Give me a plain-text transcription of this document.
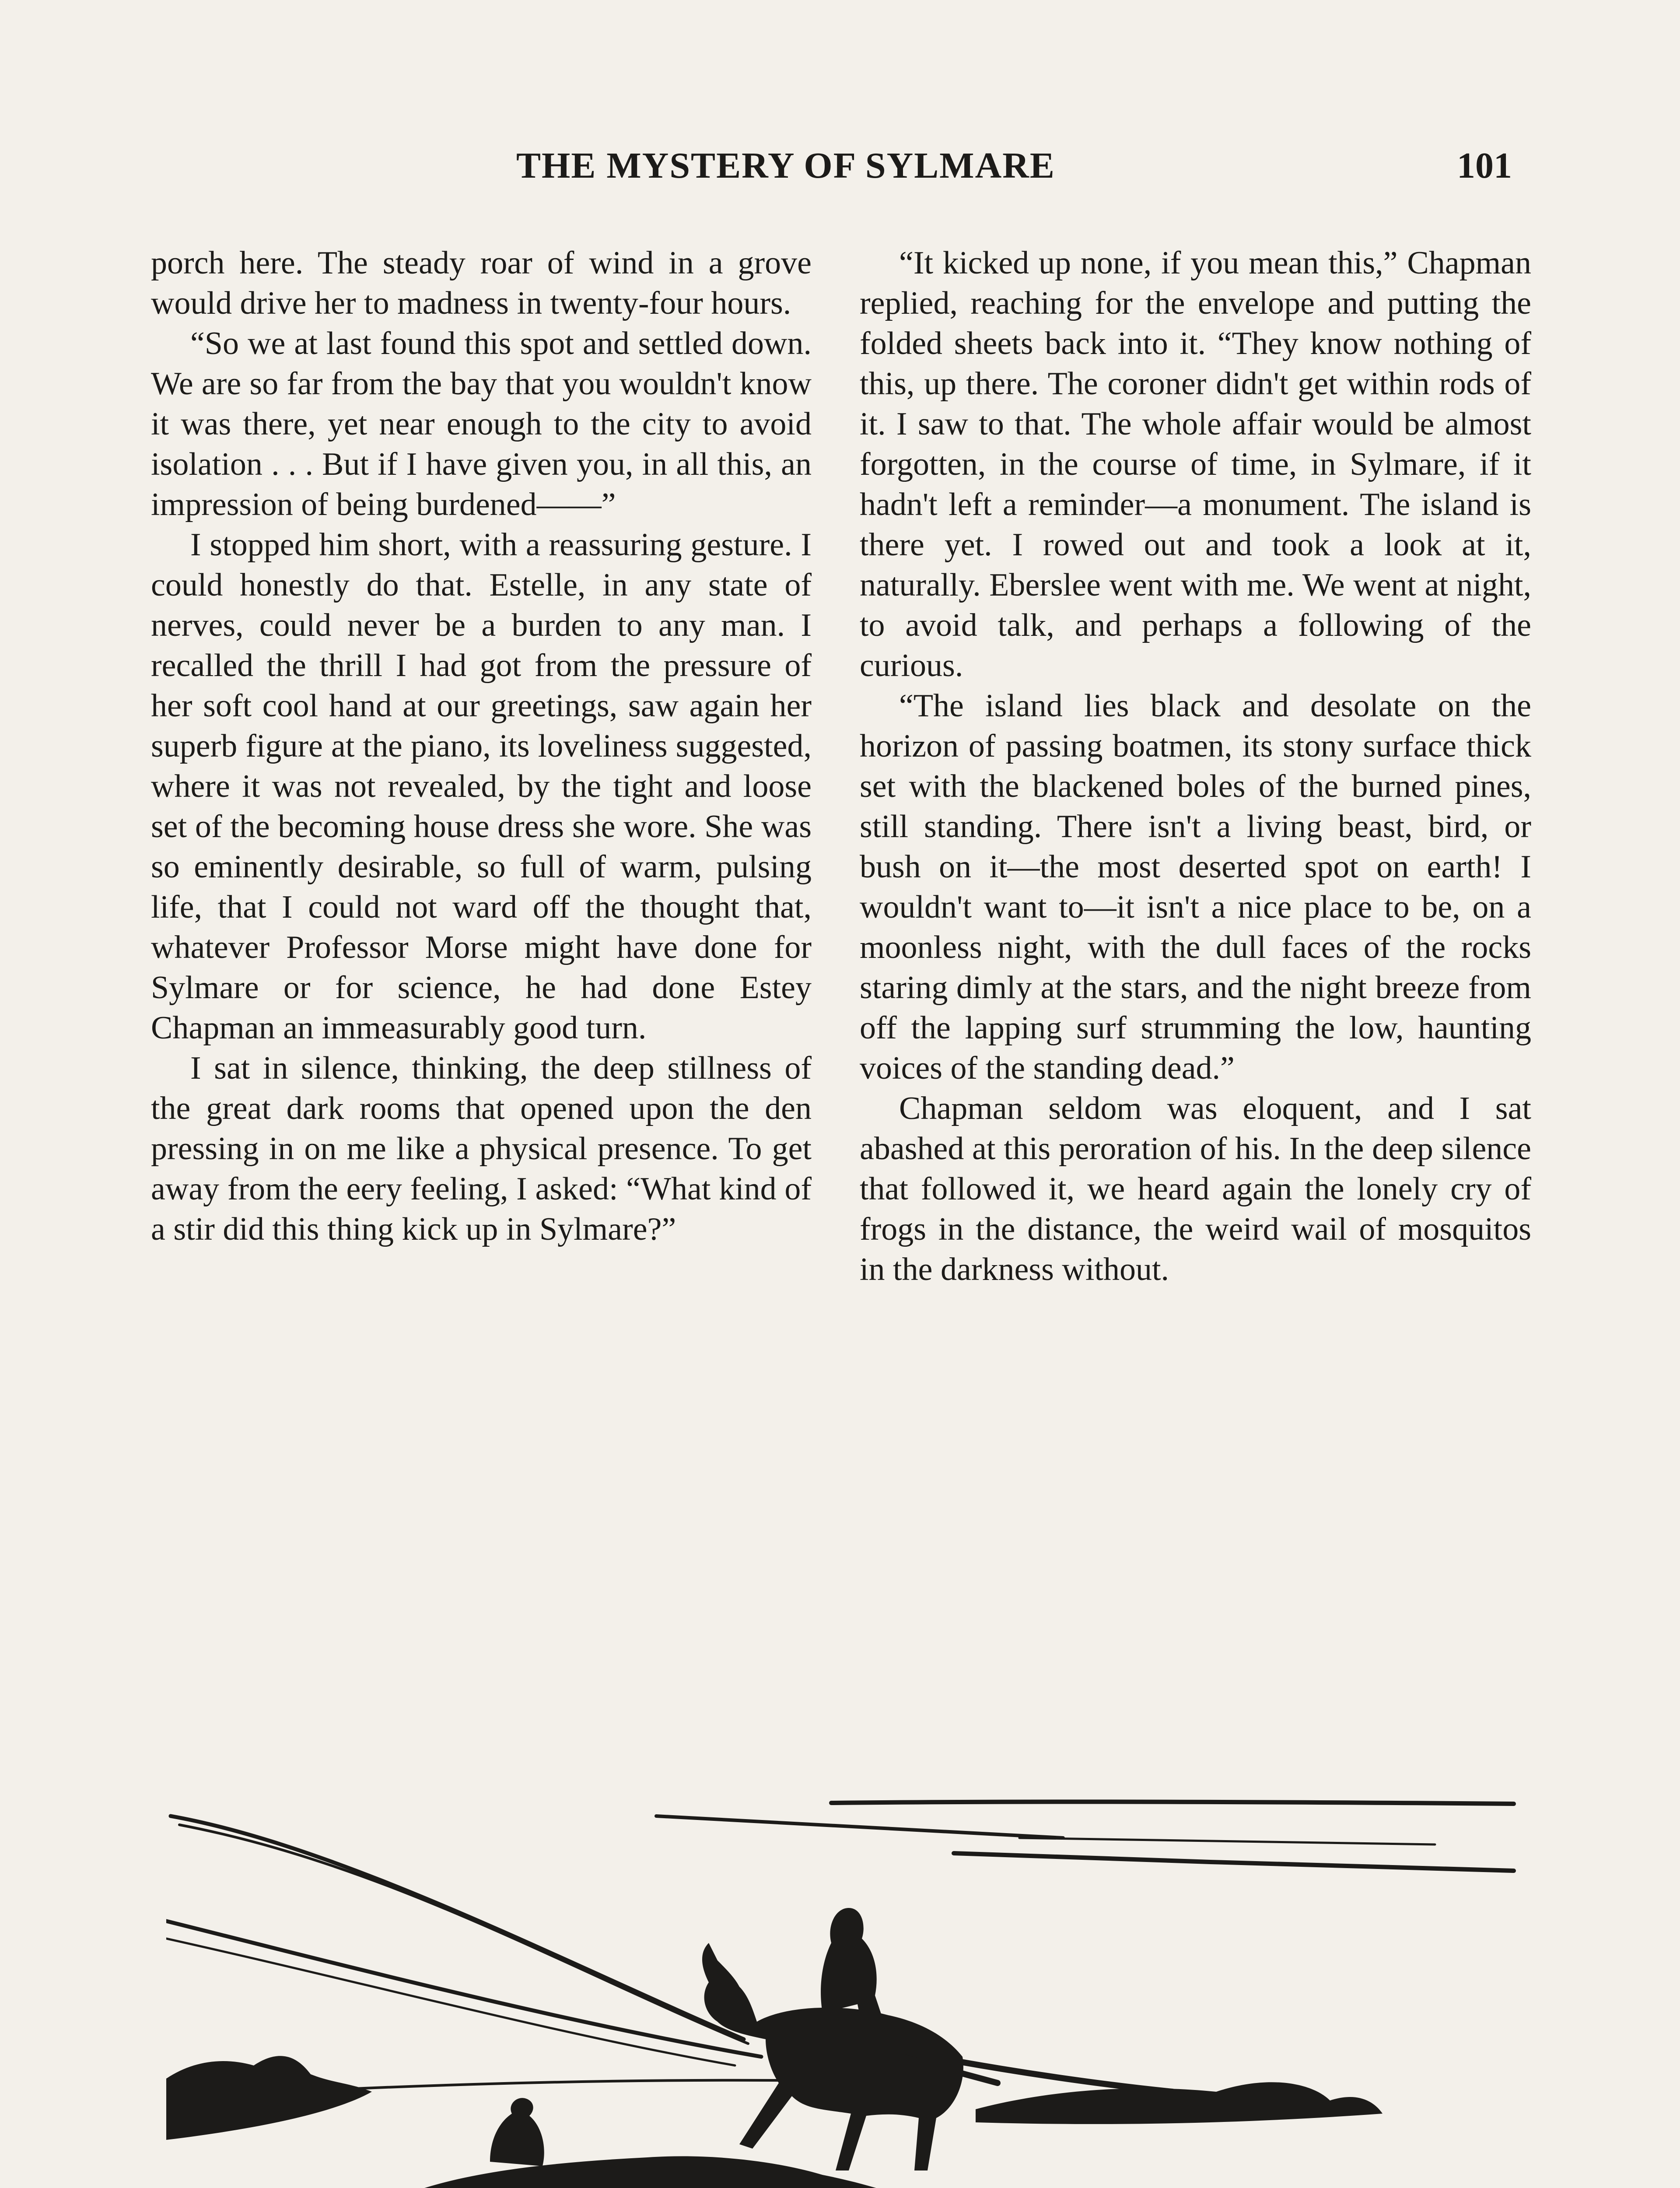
THE MYSTERY OF SYLMARE	101

porch here. The steady roar of wind in a grove would drive her to madness in twenty-four hours.

“So we at last found this spot and settled down. We are so far from the bay that you wouldn't know it was there, yet near enough to the city to avoid isolation . . . But if I have given you, in all this, an impression of being burdened——”

I stopped him short, with a reassuring gesture. I could honestly do that. Estelle, in any state of nerves, could never be a burden to any man. I recalled the thrill I had got from the pressure of her soft cool hand at our greetings, saw again her superb figure at the piano, its loveliness suggested, where it was not revealed, by the tight and loose set of the becoming house dress she wore. She was so eminently desirable, so full of warm, pulsing life, that I could not ward off the thought that, whatever Professor Morse might have done for Sylmare or for science, he had done Estey Chapman an immeasurably good turn.

I sat in silence, thinking, the deep stillness of the great dark rooms that opened upon the den pressing in on me like a physical presence. To get away from the eery feeling, I asked: “What kind of a stir did this thing kick up in Sylmare?”

“It kicked up none, if you mean this,” Chapman replied, reaching for the envelope and putting the folded sheets back into it. “They know nothing of this, up there. The coroner didn't get within rods of it. I saw to that. The whole affair would be almost forgotten, in the course of time, in Sylmare, if it hadn't left a reminder—a monument. The island is there yet. I rowed out and took a look at it, naturally. Eberslee went with me. We went at night, to avoid talk, and perhaps a following of the curious.

“The island lies black and desolate on the horizon of passing boatmen, its stony surface thick set with the blackened boles of the burned pines, still standing. There isn't a living beast, bird, or bush on it—the most deserted spot on earth! I wouldn't want to—it isn't a nice place to be, on a moonless night, with the dull faces of the rocks staring dimly at the stars, and the night breeze from off the lapping surf strumming the low, haunting voices of the standing dead.”

Chapman seldom was eloquent, and I sat abashed at this peroration of his. In the deep silence that followed it, we heard again the lonely cry of frogs in the distance, the weird wail of mosquitos in the darkness without.
